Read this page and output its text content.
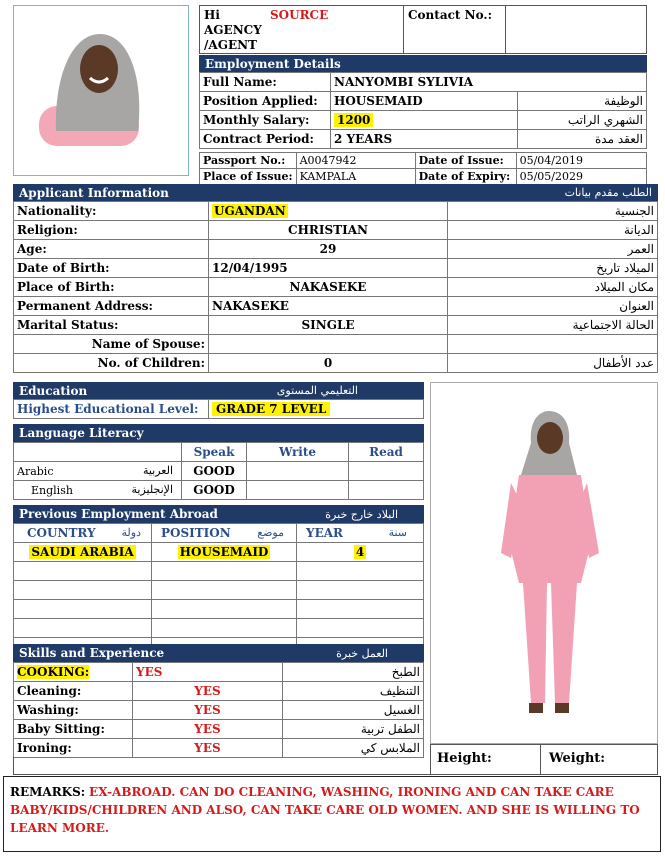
Hi AGENCY /AGENT
SOURCE	Contact No.:
Employment Details
Full Name:	NANYOMBI SYLIVIA	
Position Applied:	HOUSEMAID	الوظيفة
Monthly Salary:	1200	الشهري الراتب
Contract Period:	2 YEARS	العقد مدة
Passport No.:	A0047942	Date of Issue:	05/04/2019
Place of Issue:	KAMPALA	Date of Expiry:	05/05/2029
Applicant Information	الطلب مقدم بيانات
Nationality:	UGANDAN	الجنسية
Religion:	CHRISTIAN	الديانة
Age:	29	العمر
Date of Birth:	12/04/1995	الميلاد تاريخ
Place of Birth:	NAKASEKE	مكان الميلاد
Permanent Address:	NAKASEKE	العنوان
Marital Status:	SINGLE	الحالة الاجتماعية
Name of Spouse:		
No. of Children:	0	عدد الأطفال
Education	التعليمي المستوى
Highest Educational Level:	GRADE 7 LEVEL
Language Literacy
	Speak	Write	Read
Arabic العربية	GOOD		
English الإنجليزية	GOOD		
Previous Employment Abroad	البلاد خارج خبرة
COUNTRY دولة	POSITION موضع	YEAR سنة

SAUDI ARABIA	HOUSEMAID	4

Skills and Experience	العمل خبرة
COOKING:	YES	الطبخ
Cleaning:	YES	التنظيف
Washing:	YES	الغسيل
Baby Sitting:	YES	الطفل تربية
Ironing:	YES	الملابس كي
Height:	Weight:
REMARKS: EX-ABROAD. CAN DO CLEANING, WASHING, IRONING AND CAN TAKE CARE BABY/KIDS/CHILDREN AND ALSO, CAN TAKE CARE OLD WOMEN. AND SHE IS WILLING TO LEARN MORE.
